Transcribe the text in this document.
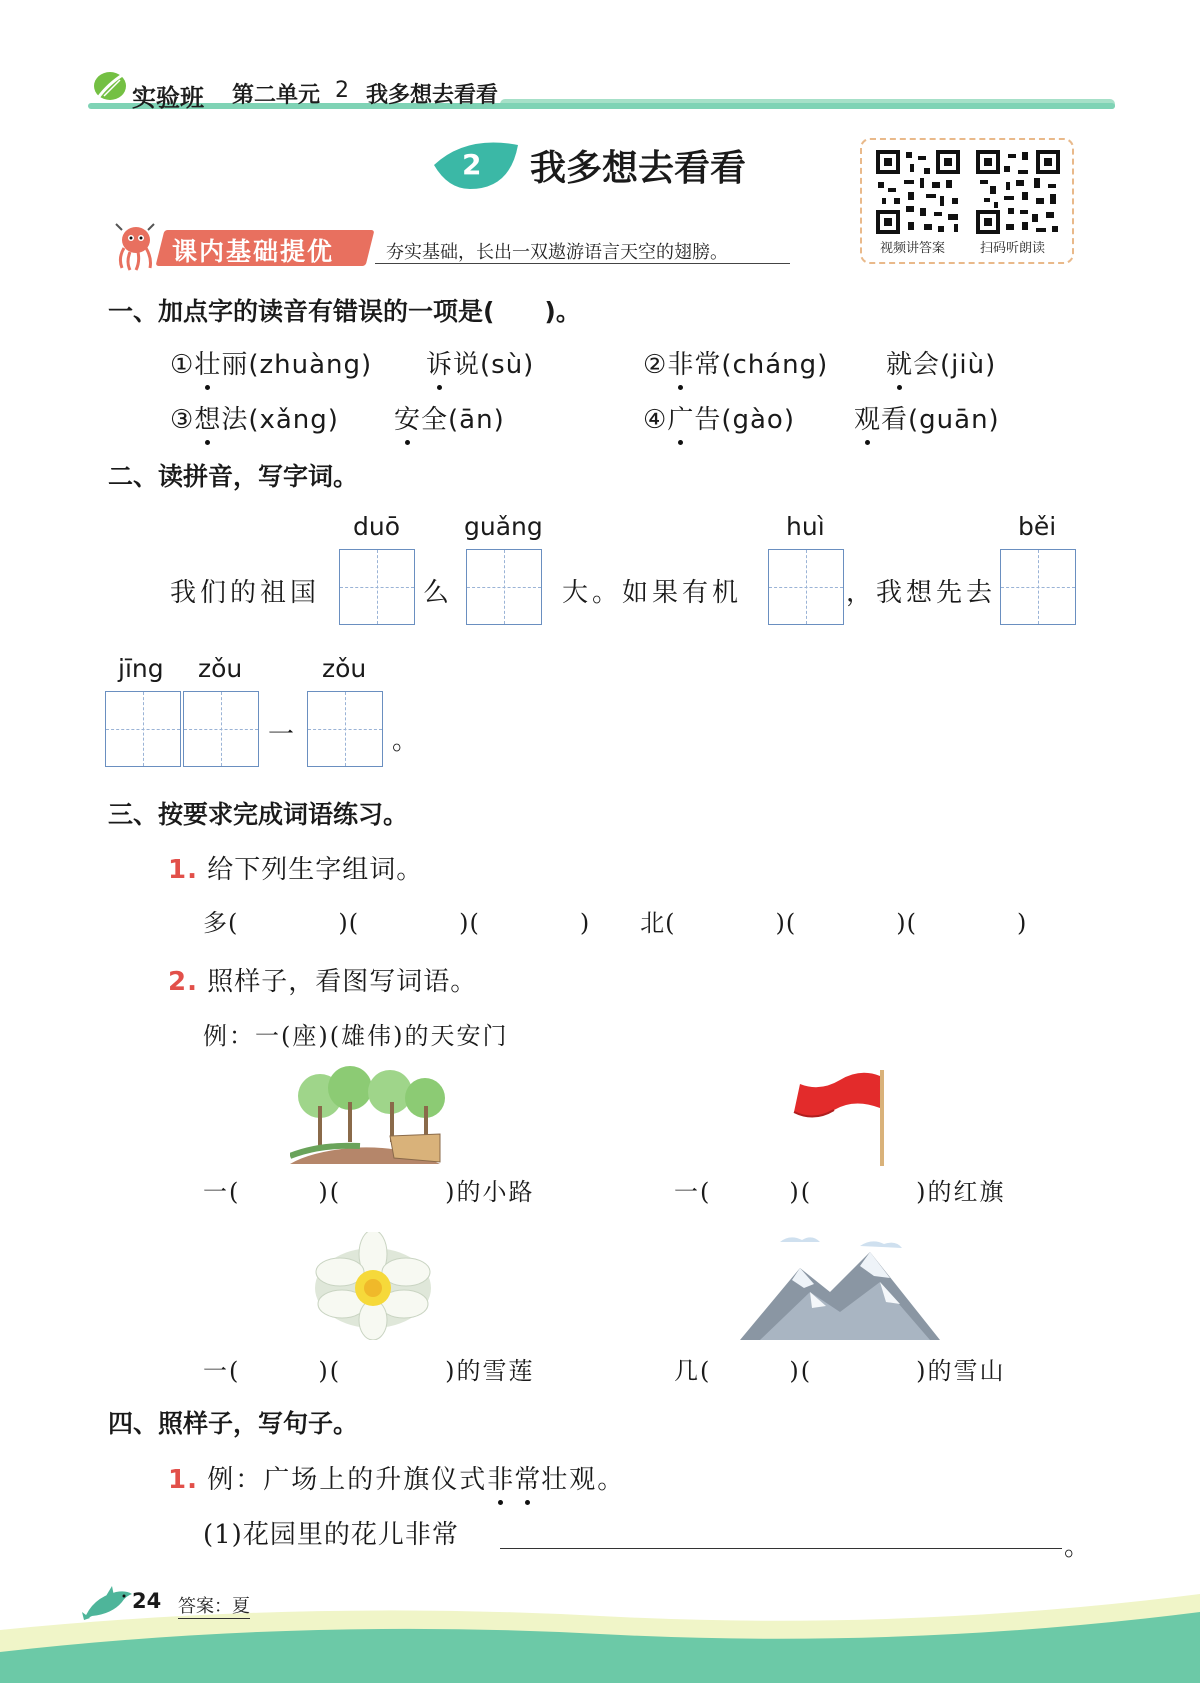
实验班 第二单元 2 我多想去看看
2 我多想去看看
视频讲答案	扫码听朗读
课内基础提优	夯实基础，长出一双遨游语言天空的翅膀。
一、加点字的读音有错误的一项是(　　)。
①壮丽(zhuàng) 诉说(sù)	②非常(cháng) 就会(jiù)
③想法(xǎng) 安全(ān)	④广告(gào) 观看(guān)
二、读拼音，写字词。
duō	guǎng	huì	běi
我们的祖国	么	大。如果有机	，我想先去
jīng zǒu	zǒu
一	。
三、按要求完成词语练习。
1. 给下列生字组词。
多(　　　　)(　　　　)(　　　　)　　北(　　　　)(　　　　)(　　　　)
2. 照样子，看图写词语。
例：一(座)(雄伟)的天安门
一(　　　)(　　　　)的小路	一(　　　)(　　　　)的红旗
一(　　　)(　　　　)的雪莲	几(　　　)(　　　　)的雪山
四、照样子，写句子。
1. 例：广场上的升旗仪式非常壮观。
(1)花园里的花儿非常	。
24 答案：夏
